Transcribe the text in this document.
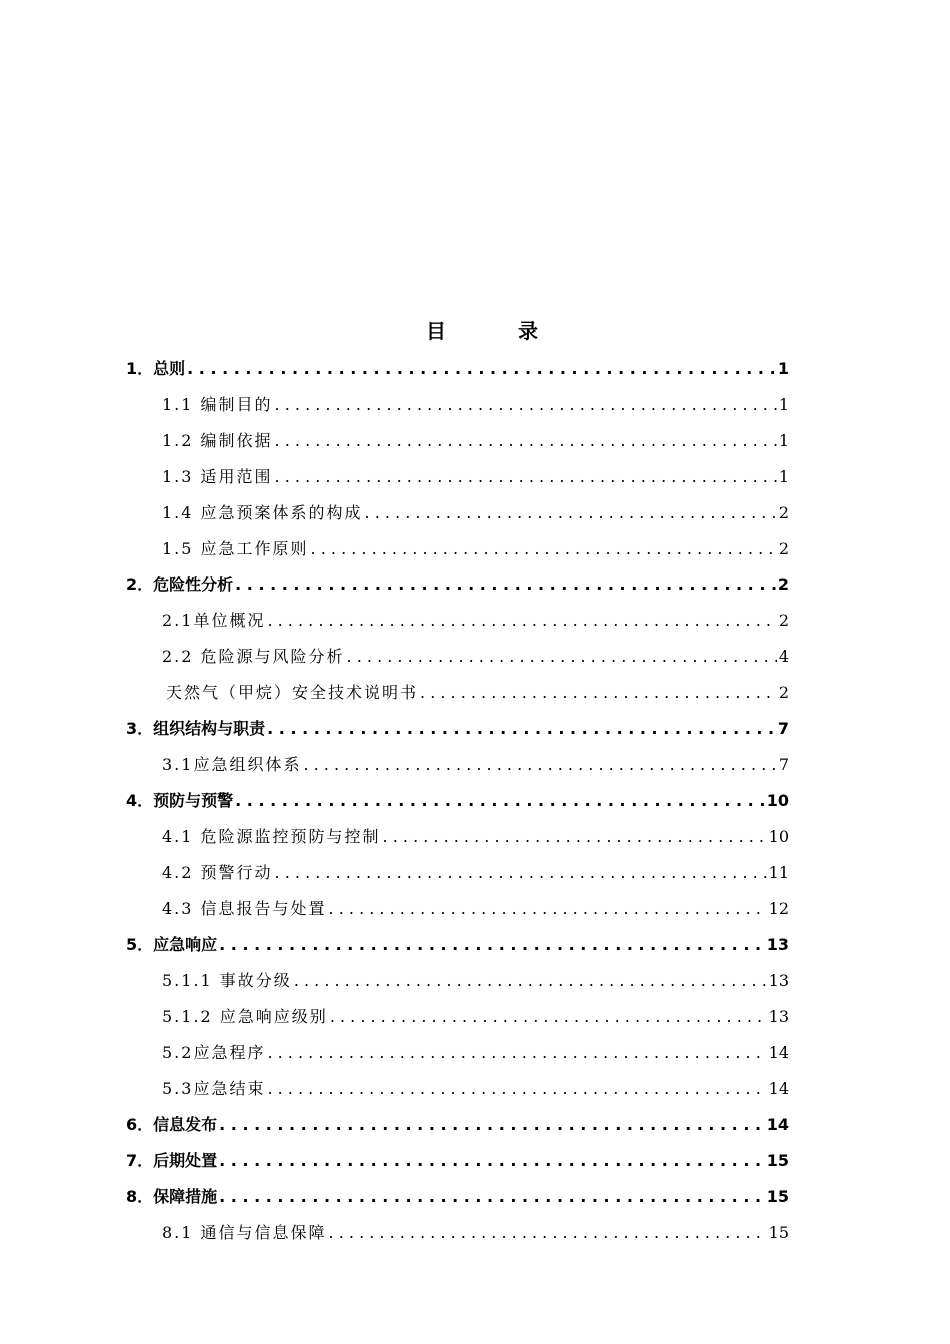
目　录
1．总则 . . .	1
1.1 编制目的 . . .	1
1.2 编制依据 . . .	1
1.3 适用范围 . . .	1
1.4 应急预案体系的构成 . . .	2
1.5 应急工作原则 . . .	2
2．危险性分析 . . .	2
2.1单位概况 . . .	2
2.2 危险源与风险分析 . . .	4
天然气（甲烷）安全技术说明书 . . .	2
3．组织结构与职责 . . .	7
3.1应急组织体系 . . .	7
4．预防与预警 . . .	10
4.1 危险源监控预防与控制 . . .	10
4.2 预警行动 . . .	11
4.3 信息报告与处置 . . .	12
5．应急响应 . . .	13
5.1.1 事故分级 . . .	13
5.1.2 应急响应级别 . . .	13
5.2应急程序 . . .	14
5.3应急结束 . . .	14
6．信息发布 . . .	14
7．后期处置 . . .	15
8．保障措施 . . .	15
8.1 通信与信息保障 . . .	15
